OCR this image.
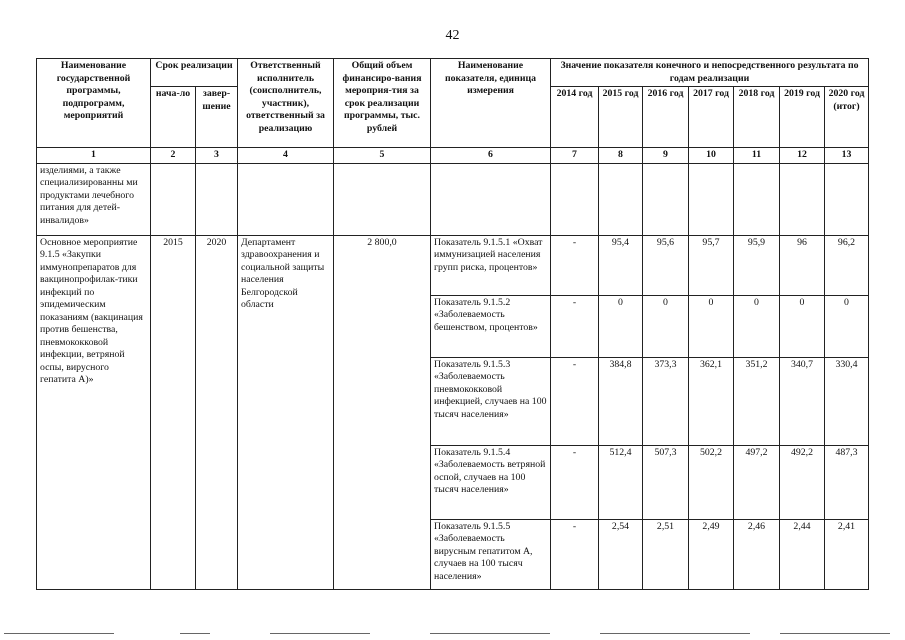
42
Наименование государственной программы, подпрограмм, мероприятий	Срок реализации		Ответственный исполнитель (соисполнитель, участник), ответственный за реализацию	Общий объем финансиро-вания мероприя-тия за срок реализации программы, тыс. рублей	Наименование показателя, единица измерения	Значение показателя конечного и непосредственного результата по годам реализации						
	нача-ло	завер-шение				2014 год	2015 год	2016 год	2017 год	2018 год	2019 год	2020 год (итог)

1	2	3	4	5	6	7	8	9	10	11	12	13
изделиями, а также специализированны ми продуктами лечебного питания для детей-инвалидов»												
Основное мероприятие 9.1.5 «Закупки иммунопрепаратов для вакцинопрофилак-тики инфекций по эпидемическим показаниям (вакцинация против бешенства, пневмококковой инфекции, ветряной оспы, вирусного гепатита А)»	2015	2020	Департамент здравоохранения и социальной защиты населения Белгородской области	2 800,0	Показатель 9.1.5.1 «Охват иммунизацией населения групп риска, процентов»	-	95,4	95,6	95,7	95,9	96	96,2
					Показатель 9.1.5.2 «Заболеваемость бешенством, процентов»	-	0	0	0	0	0	0
					Показатель 9.1.5.3 «Заболеваемость пневмококковой инфекцией, случаев на 100 тысяч населения»	-	384,8	373,3	362,1	351,2	340,7	330,4
					Показатель 9.1.5.4 «Заболеваемость ветряной оспой, случаев на 100 тысяч населения»	-	512,4	507,3	502,2	497,2	492,2	487,3
					Показатель 9.1.5.5 «Заболеваемость вирусным гепатитом А, случаев на 100 тысяч населения»	-	2,54	2,51	2,49	2,46	2,44	2,41
